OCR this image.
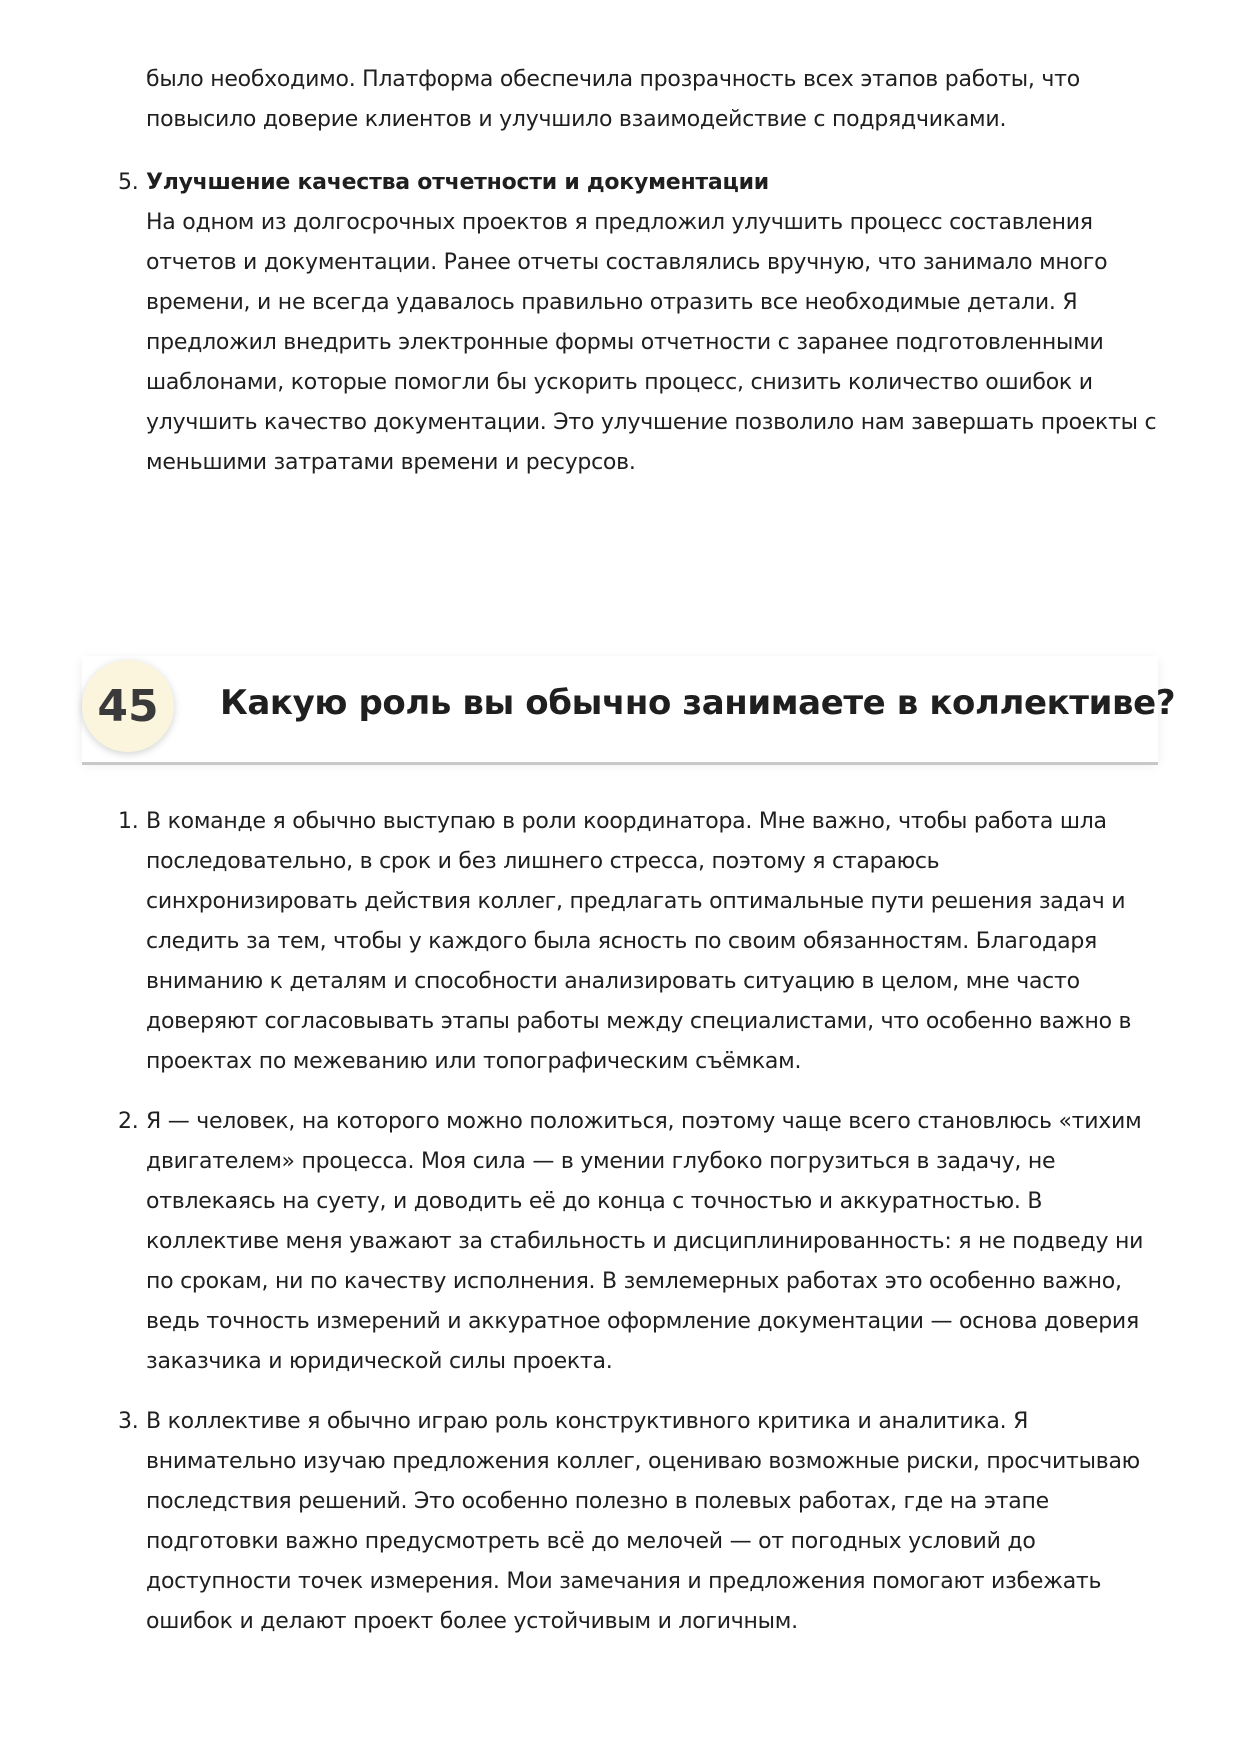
было необходимо. Платформа обеспечила прозрачность всех этапов работы, что
повысило доверие клиентов и улучшило взаимодействие с подрядчиками.
5. Улучшение качества отчетности и документации
На одном из долгосрочных проектов я предложил улучшить процесс составления
отчетов и документации. Ранее отчеты составлялись вручную, что занимало много
времени, и не всегда удавалось правильно отразить все необходимые детали. Я
предложил внедрить электронные формы отчетности с заранее подготовленными
шаблонами, которые помогли бы ускорить процесс, снизить количество ошибок и
улучшить качество документации. Это улучшение позволило нам завершать проекты с
меньшими затратами времени и ресурсов.
45	Какую роль вы обычно занимаете в коллективе?
1. В команде я обычно выступаю в роли координатора. Мне важно, чтобы работа шла
последовательно, в срок и без лишнего стресса, поэтому я стараюсь
синхронизировать действия коллег, предлагать оптимальные пути решения задач и
следить за тем, чтобы у каждого была ясность по своим обязанностям. Благодаря
вниманию к деталям и способности анализировать ситуацию в целом, мне часто
доверяют согласовывать этапы работы между специалистами, что особенно важно в
проектах по межеванию или топографическим съёмкам.
2. Я — человек, на которого можно положиться, поэтому чаще всего становлюсь «тихим
двигателем» процесса. Моя сила — в умении глубоко погрузиться в задачу, не
отвлекаясь на суету, и доводить её до конца с точностью и аккуратностью. В
коллективе меня уважают за стабильность и дисциплинированность: я не подведу ни
по срокам, ни по качеству исполнения. В землемерных работах это особенно важно,
ведь точность измерений и аккуратное оформление документации — основа доверия
заказчика и юридической силы проекта.
3. В коллективе я обычно играю роль конструктивного критика и аналитика. Я
внимательно изучаю предложения коллег, оцениваю возможные риски, просчитываю
последствия решений. Это особенно полезно в полевых работах, где на этапе
подготовки важно предусмотреть всё до мелочей — от погодных условий до
доступности точек измерения. Мои замечания и предложения помогают избежать
ошибок и делают проект более устойчивым и логичным.
